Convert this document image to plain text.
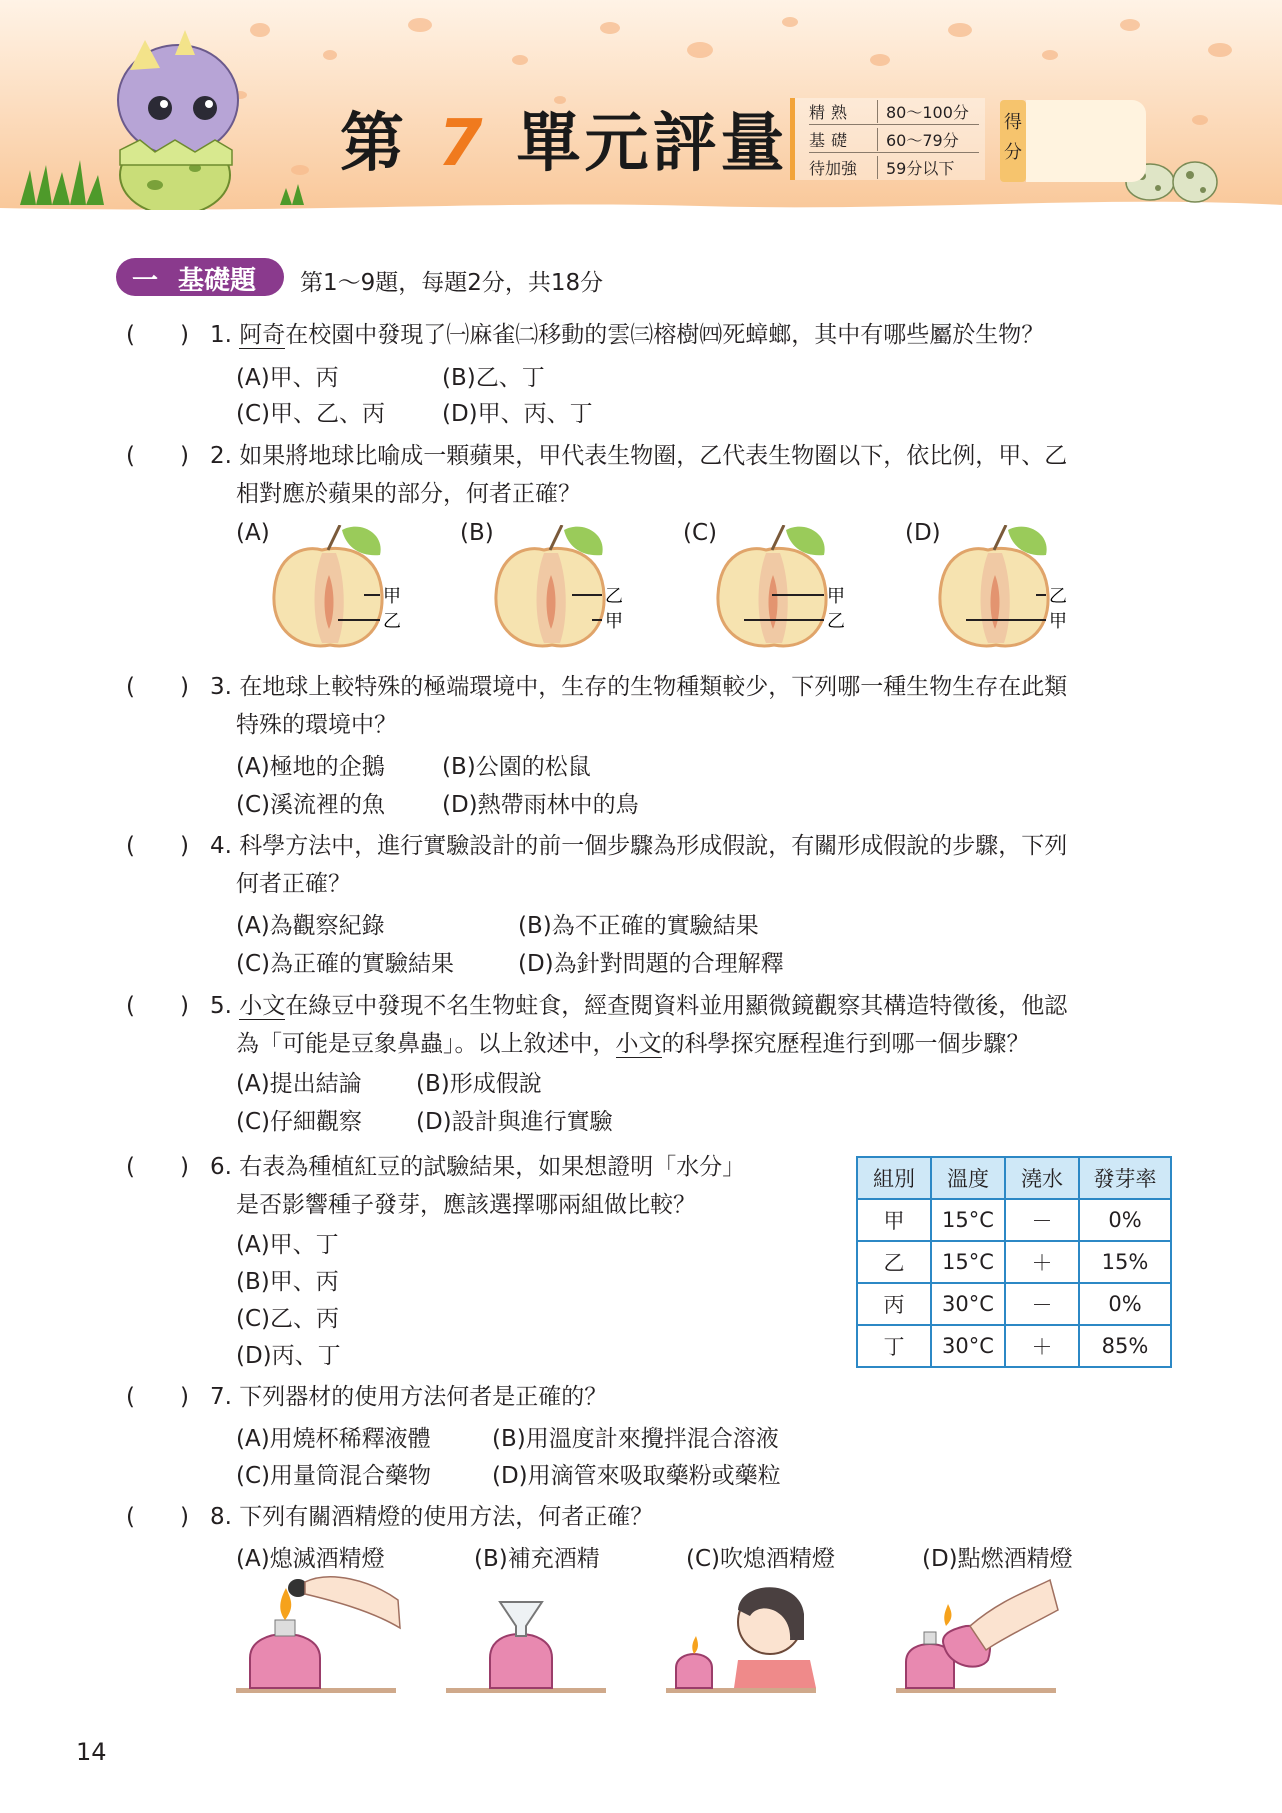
第 7 單元評量 精熟	80～100分
基礎	60～79分
待加強	59分以下
得分
一 基礎題 第1～9題，每題2分，共18分
( ) 1. 阿奇在校園中發現了㈠麻雀㈡移動的雲㈢榕樹㈣死蟑螂，其中有哪些屬於生物？
(A)甲、丙	(B)乙、丁
(C)甲、乙、丙 (D)甲、丙、丁
( ) 2. 如果將地球比喻成一顆蘋果，甲代表生物圈，乙代表生物圈以下，依比例，甲、乙
相對應於蘋果的部分，何者正確？
(A)	(B)	(C)	(D)
甲
乙
乙
甲
甲
乙
乙
甲
( ) 3. 在地球上較特殊的極端環境中，生存的生物種類較少，下列哪一種生物生存在此類
特殊的環境中？
(A)極地的企鵝 (B)公園的松鼠
(C)溪流裡的魚 (D)熱帶雨林中的鳥
( ) 4. 科學方法中，進行實驗設計的前一個步驟為形成假說，有關形成假說的步驟，下列
何者正確？
(A)為觀察紀錄	(B)為不正確的實驗結果
(C)為正確的實驗結果	(D)為針對問題的合理解釋
( ) 5. 小文在綠豆中發現不名生物蛀食，經查閱資料並用顯微鏡觀察其構造特徵後，他認
為「可能是豆象鼻蟲」。以上敘述中，小文的科學探究歷程進行到哪一個步驟？
(A)提出結論 (B)形成假說
(C)仔細觀察 (D)設計與進行實驗
( ) 6. 右表為種植紅豆的試驗結果，如果想證明「水分」
是否影響種子發芽，應該選擇哪兩組做比較？
(A)甲、丁
(B)甲、丙
(C)乙、丙
(D)丙、丁
組別	溫度	澆水	發芽率
甲	15°C	－	0%
乙	15°C	＋	15%
丙	30°C	－	0%
丁	30°C	＋	85%
( ) 7. 下列器材的使用方法何者是正確的？
(A)用燒杯稀釋液體	(B)用溫度計來攪拌混合溶液
(C)用量筒混合藥物	(D)用滴管來吸取藥粉或藥粒
( ) 8. 下列有關酒精燈的使用方法，何者正確？
(A)熄滅酒精燈	(B)補充酒精	(C)吹熄酒精燈	(D)點燃酒精燈
14
